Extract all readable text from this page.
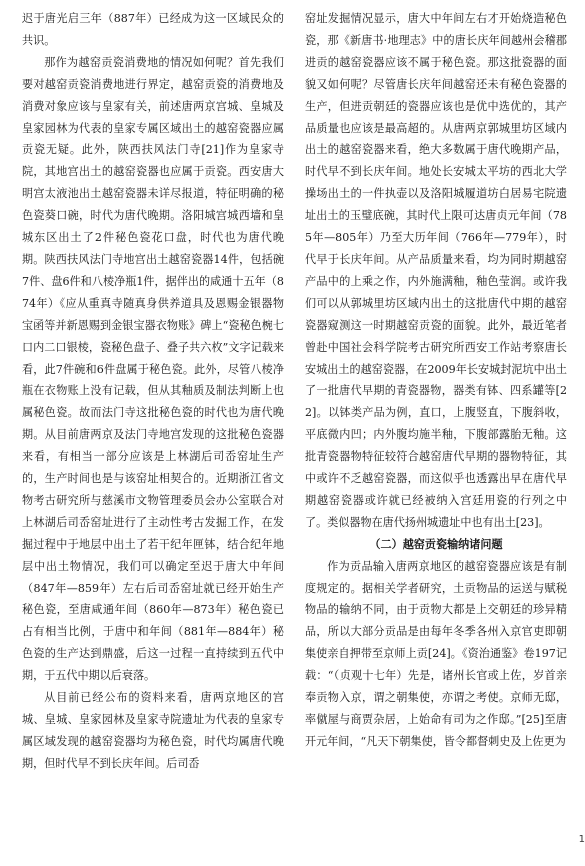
迟于唐光启三年（887年）已经成为这一区域民众的共识。

那作为越窑贡瓷消费地的情况如何呢？首先我们要对越窑贡瓷消费地进行界定，越窑贡瓷的消费地及消费对象应该与皇家有关，前述唐两京宫城、皇城及皇家园林为代表的皇家专属区域出土的越窑瓷器应属贡瓷无疑。此外，陕西扶风法门寺[21]作为皇家寺院，其地宫出土的越窑瓷器也应属于贡瓷。西安唐大明宫太液池出土越窑瓷器未详尽报道，特征明确的秘色瓷葵口碗，时代为唐代晚期。洛阳城宫城西墙和皇城东区出土了2件秘色瓷花口盘，时代也为唐代晚期。陕西扶风法门寺地宫出土越窑瓷器14件，包括碗7件、盘6件和八棱净瓶1件，据伴出的咸通十五年（874年）《应从重真寺随真身供养道具及恩赐金银器物宝函等并新恩赐到金银宝器衣物账》碑上“瓷秘色椀七口内二口银棱，瓷秘色盘子、叠子共六枚”文字记载来看，此7件碗和6件盘属于秘色瓷。此外，尽管八棱净瓶在衣物账上没有记载，但从其釉质及制法判断上也属秘色瓷。故而法门寺这批秘色瓷的时代也为唐代晚期。从目前唐两京及法门寺地宫发现的这批秘色瓷器来看，有相当一部分应该是上林湖后司岙窑址生产的，生产时间也是与该窑址相契合的。近期浙江省文物考古研究所与慈溪市文物管理委员会办公室联合对上林湖后司岙窑址进行了主动性考古发掘工作，在发掘过程中于地层中出土了若干纪年匣钵，结合纪年地层中出土物情况，我们可以确定至迟于唐大中年间（847年—859年）左右后司岙窑址就已经开始生产秘色瓷，至唐咸通年间（860年—873年）秘色瓷已占有相当比例，于唐中和年间（881年—884年）秘色瓷的生产达到鼎盛，后这一过程一直持续到五代中期，于五代中期以后衰落。

从目前已经公布的资料来看，唐两京地区的宫城、皇城、皇家园林及皇家寺院遗址为代表的皇家专属区域发现的越窑瓷器均为秘色瓷，时代均属唐代晚期，但时代早不到长庆年间。后司岙

窑址发掘情况显示，唐大中年间左右才开始烧造秘色瓷，那《新唐书·地理志》中的唐长庆年间越州会稽郡进贡的越窑瓷器应该不属于秘色瓷。那这批瓷器的面貌又如何呢？尽管唐长庆年间越窑还未有秘色瓷器的生产，但进贡朝廷的瓷器应该也是优中选优的，其产品质量也应该是最高超的。从唐两京郭城里坊区域内出土的越窑瓷器来看，绝大多数属于唐代晚期产品，时代早不到长庆年间。地处长安城太平坊的西北大学操场出土的一件执壶以及洛阳城履道坊白居易宅院遗址出土的玉璧底碗，其时代上限可达唐贞元年间（785年—805年）乃至大历年间（766年—779年），时代早于长庆年间。从产品质量来看，均为同时期越窑产品中的上乘之作，内外施满釉，釉色莹润。或许我们可以从郭城里坊区域内出土的这批唐代中期的越窑瓷器窥测这一时期越窑贡瓷的面貌。此外，最近笔者曾赴中国社会科学院考古研究所西安工作站考察唐长安城出土的越窑瓷器，在2009年长安城封泥坑中出土了一批唐代早期的青瓷器物，器类有钵、四系罐等[22]。以钵类产品为例，直口，上腹竖直，下腹斜收，平底微内凹；内外腹均施半釉，下腹部露胎无釉。这批青瓷器物特征较符合越窑唐代早期的器物特征，其中或许不乏越窑瓷器，而这似乎也透露出早在唐代早期越窑瓷器或许就已经被纳入宫廷用瓷的行列之中了。类似器物在唐代扬州城遗址中也有出土[23]。

（二）越窑贡瓷输纳诸问题

作为贡品输入唐两京地区的越窑瓷器应该是有制度规定的。据相关学者研究，土贡物品的运送与赋税物品的输纳不同，由于贡物大都是上交朝廷的珍异精品，所以大部分贡品是由每年冬季各州入京官吏即朝集使亲自押带至京师上贡[24]。《资治通鉴》卷197记载：“（贞观十七年）先是，诸州长官或上佐，岁首亲奉贡物入京，谓之朝集使，亦谓之考使。京师无邸，率僦屋与商贾杂居，上始命有司为之作邸。”[25]至唐开元年间，“凡天下朝集使，皆令都督刺史及上佐更为

1
